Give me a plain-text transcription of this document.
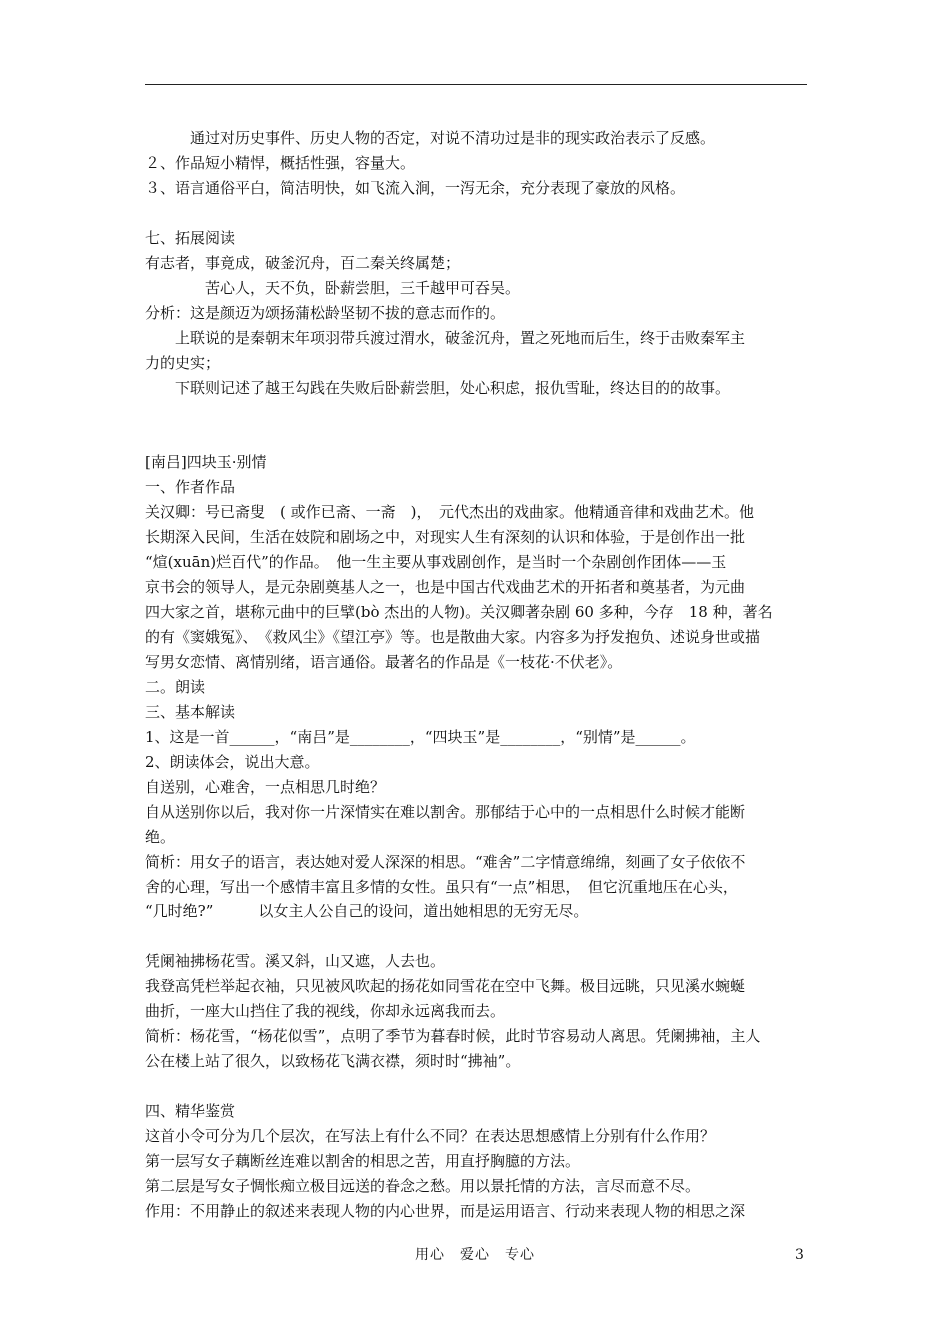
　　　通过对历史事件、历史人物的否定，对说不清功过是非的现实政治表示了反感。
２、作品短小精悍，概括性强，容量大。
３、语言通俗平白，简洁明快，如飞流入涧，一泻无余，充分表现了豪放的风格。
七、拓展阅读
有志者，事竟成，破釜沉舟，百二秦关终属楚；
　　　　苦心人，天不负，卧薪尝胆，三千越甲可吞吴。
分析：这是颜迈为颂扬蒲松龄坚韧不拔的意志而作的。
　　上联说的是秦朝末年项羽带兵渡过渭水，破釜沉舟，置之死地而后生，终于击败秦军主
力的史实；
　　下联则记述了越王勾践在失败后卧薪尝胆，处心积虑，报仇雪耻，终达目的的故事。
[南吕]四块玉·别情
一、作者作品
关汉卿：号已斋叟　( 或作已斋、一斋　)，　元代杰出的戏曲家。他精通音律和戏曲艺术。他
长期深入民间，生活在妓院和剧场之中，对现实人生有深刻的认识和体验，于是创作出一批
“煊(xuān)烂百代”的作品。　他一生主要从事戏剧创作，是当时一个杂剧创作团体——玉
京书会的领导人，是元杂剧奠基人之一，也是中国古代戏曲艺术的开拓者和奠基者，为元曲
四大家之首，堪称元曲中的巨擘(bò 杰出的人物)。关汉卿著杂剧 60 多种，今存　18 种，著名
的有《窦娥冤》、　《救风尘》《望江亭》等。也是散曲大家。内容多为抒发抱负、述说身世或描
写男女恋情、离情别绪，语言通俗。最著名的作品是《一枝花·不伏老》。
二。朗读
三、基本解读
1、这是一首______，“南吕”是________，“四块玉”是________，“别情”是______。
2、朗读体会，说出大意。
自送别，心难舍，一点相思几时绝？
自从送别你以后，我对你一片深情实在难以割舍。那郁结于心中的一点相思什么时候才能断
绝。
简析：用女子的语言，表达她对爱人深深的相思。“难舍”二字情意绵绵，刻画了女子依依不
舍的心理，写出一个感情丰富且多情的女性。虽只有“一点”相思，　但它沉重地压在心头，
“几时绝?”　　　以女主人公自己的设问，道出她相思的无穷无尽。
凭阑袖拂杨花雪。溪又斜，山又遮，人去也。
我登高凭栏举起衣袖，只见被风吹起的扬花如同雪花在空中飞舞。极目远眺，只见溪水蜿蜒
曲折，一座大山挡住了我的视线，你却永远离我而去。
简析：杨花雪，“杨花似雪”，点明了季节为暮春时候，此时节容易动人离思。凭阑拂袖，主人
公在楼上站了很久，以致杨花飞满衣襟，须时时“拂袖”。
四、精华鉴赏
这首小令可分为几个层次，在写法上有什么不同？在表达思想感情上分别有什么作用？
第一层写女子藕断丝连难以割舍的相思之苦，用直抒胸臆的方法。
第二层是写女子惆怅痴立极目远送的眷念之愁。用以景托情的方法，言尽而意不尽。
作用：不用静止的叙述来表现人物的内心世界，而是运用语言、行动来表现人物的相思之深
用心　爱心　专心	3
